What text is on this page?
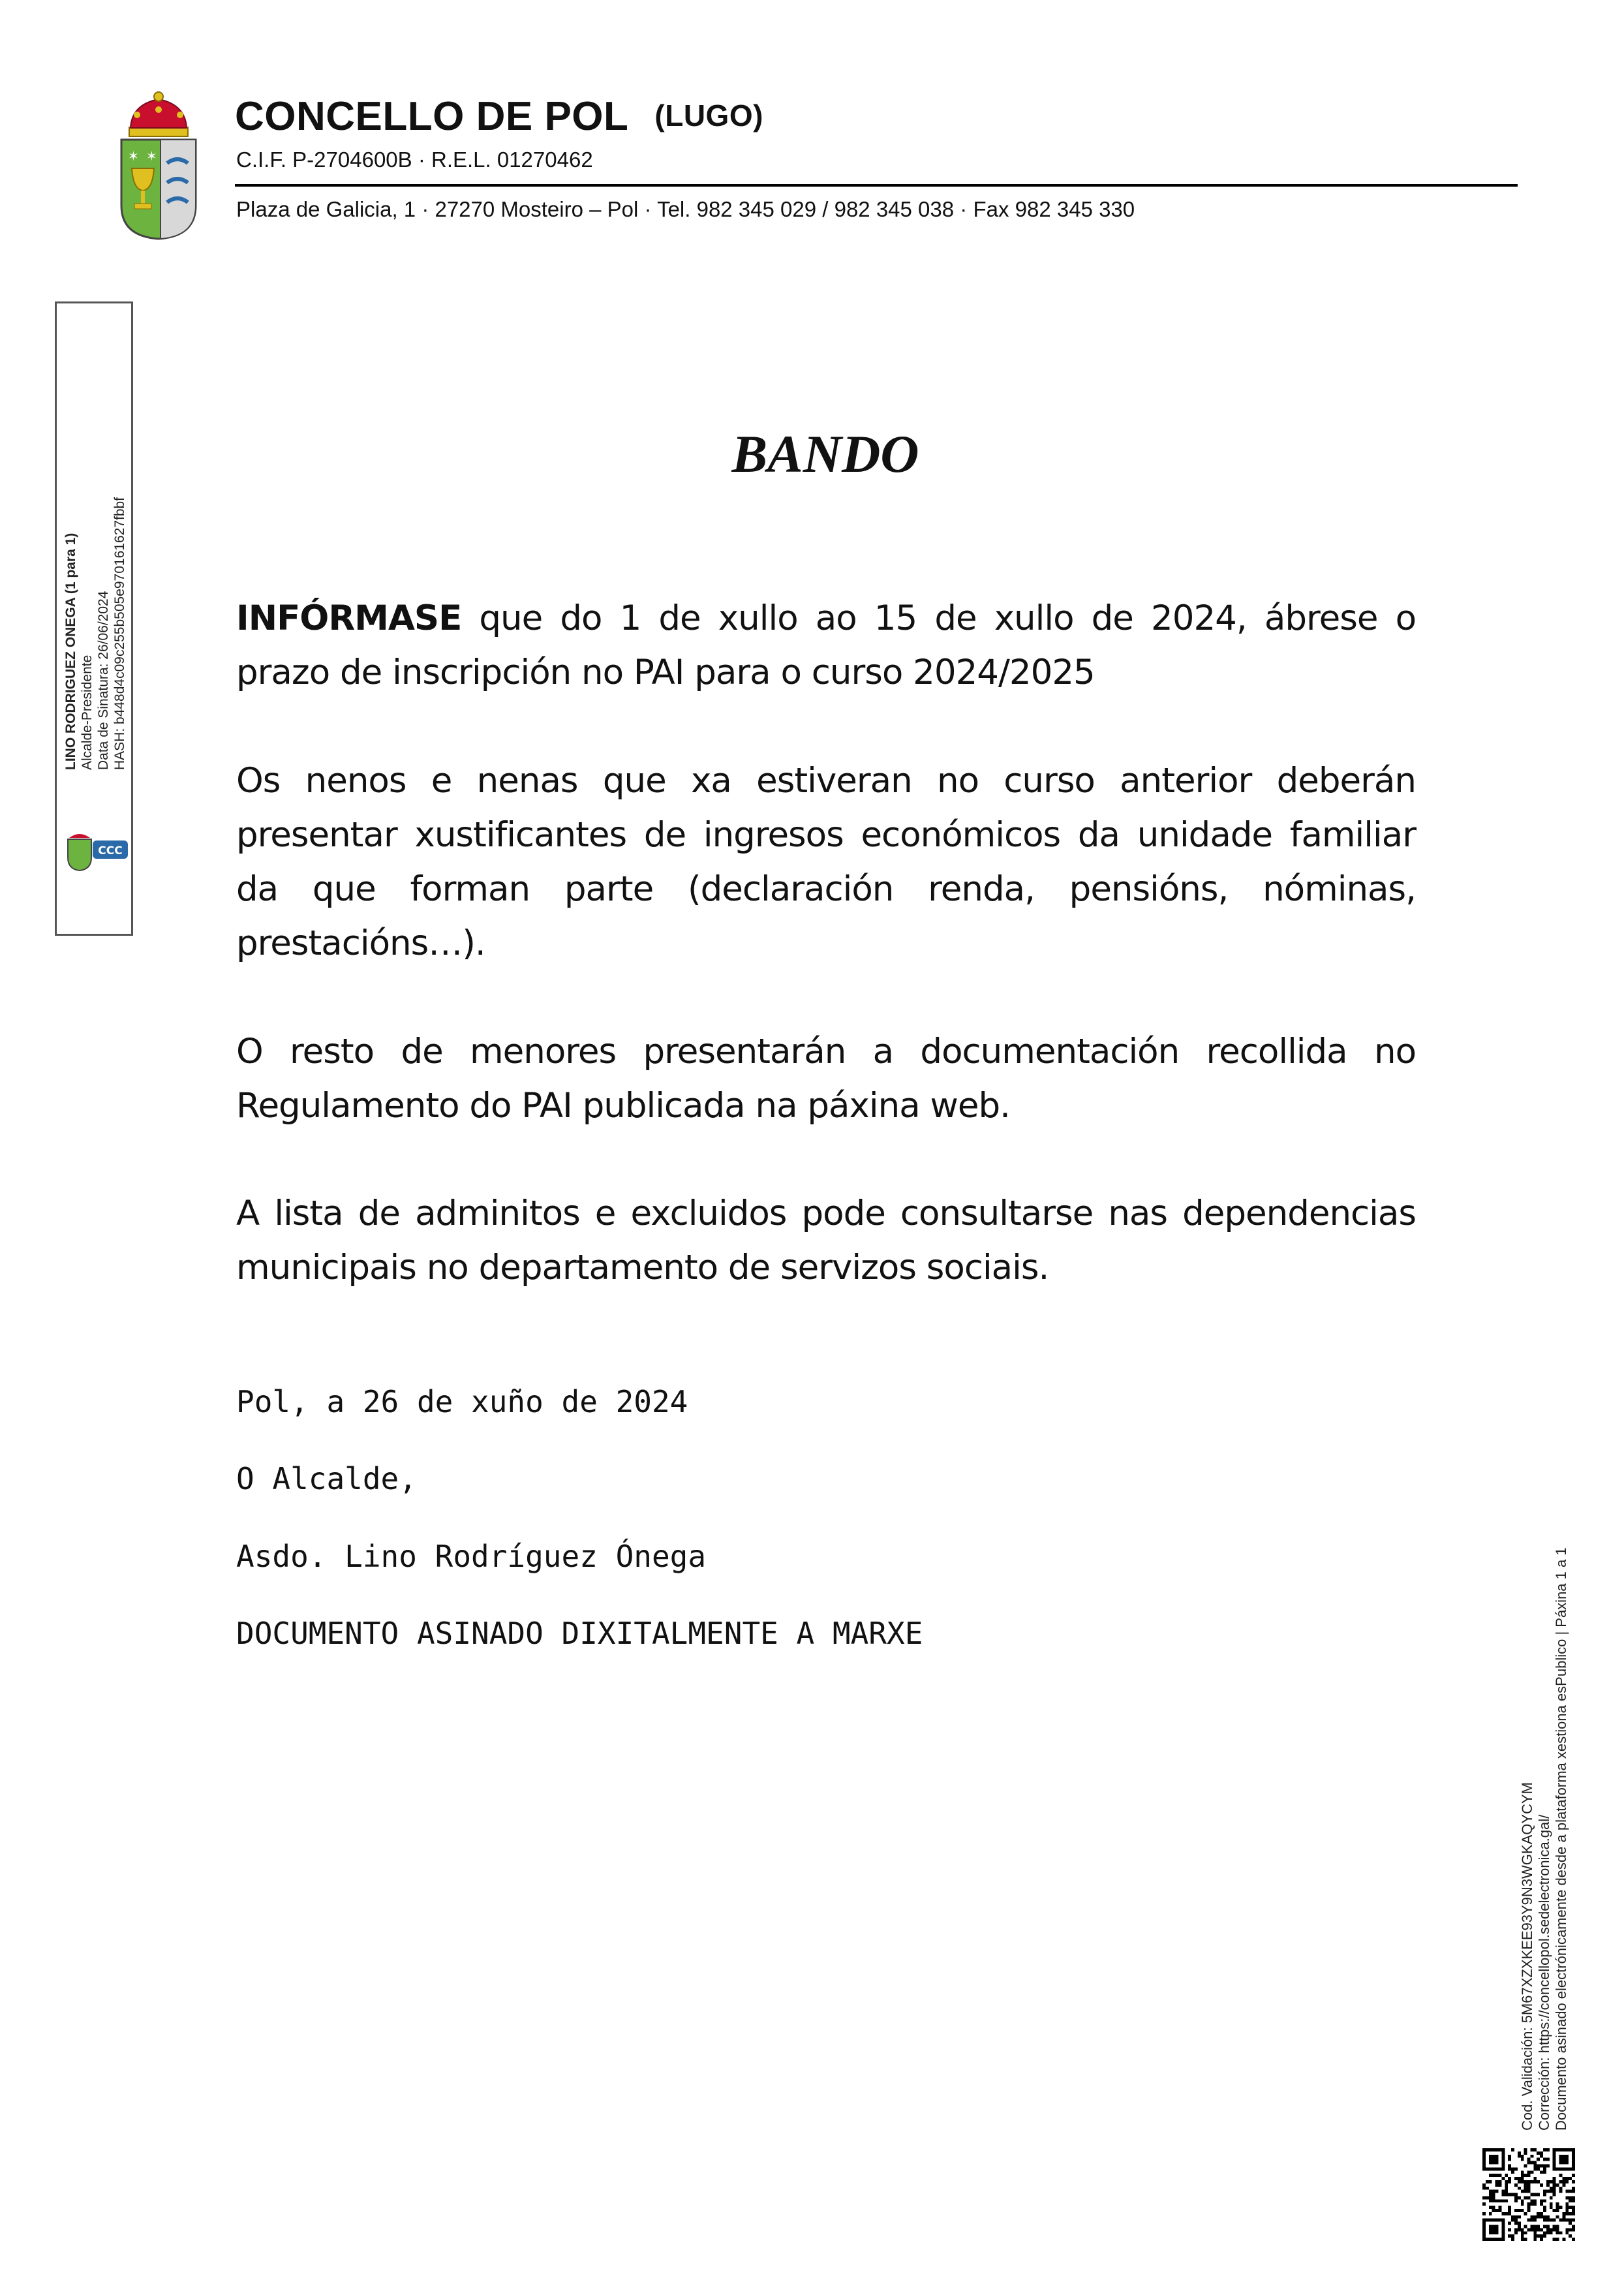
✶ ✶
CONCELLO DE POL (LUGO)
C.I.F. P-2704600B · R.E.L. 01270462
Plaza de Galicia, 1 · 27270 Mosteiro – Pol · Tel. 982 345 029 / 982 345 038 · Fax 982 345 330
LINO RODRIGUEZ ONEGA (1 para 1) Alcalde-Presidente Data de Sinatura: 26/06/2024 HASH: b448d4c09c255b505e970161627fbbf
CCC
BANDO
INFÓRMASE que do 1 de xullo ao 15 de xullo de 2024, ábrese o prazo de inscripción no PAI para o curso 2024/2025
Os nenos e nenas que xa estiveran no curso anterior deberán presentar xustificantes de ingresos económicos da unidade familiar da que forman parte (declaración renda, pensións, nóminas, prestacións…).
O resto de menores presentarán a documentación recollida no Regulamento do PAI publicada na páxina web.
A lista de adminitos e excluidos pode consultarse nas dependencias municipais no departamento de servizos sociais.
Pol, a 26 de xuño de 2024
O Alcalde,
Asdo. Lino Rodríguez Ónega
DOCUMENTO ASINADO DIXITALMENTE A MARXE
Cod. Validación: 5M67XZXKEE93Y9N3WGKAQYCYM Corrección: https://concellopol.sedelectronica.gal/ Documento asinado electrónicamente desde a plataforma xestiona esPublico | Páxina 1 a 1
